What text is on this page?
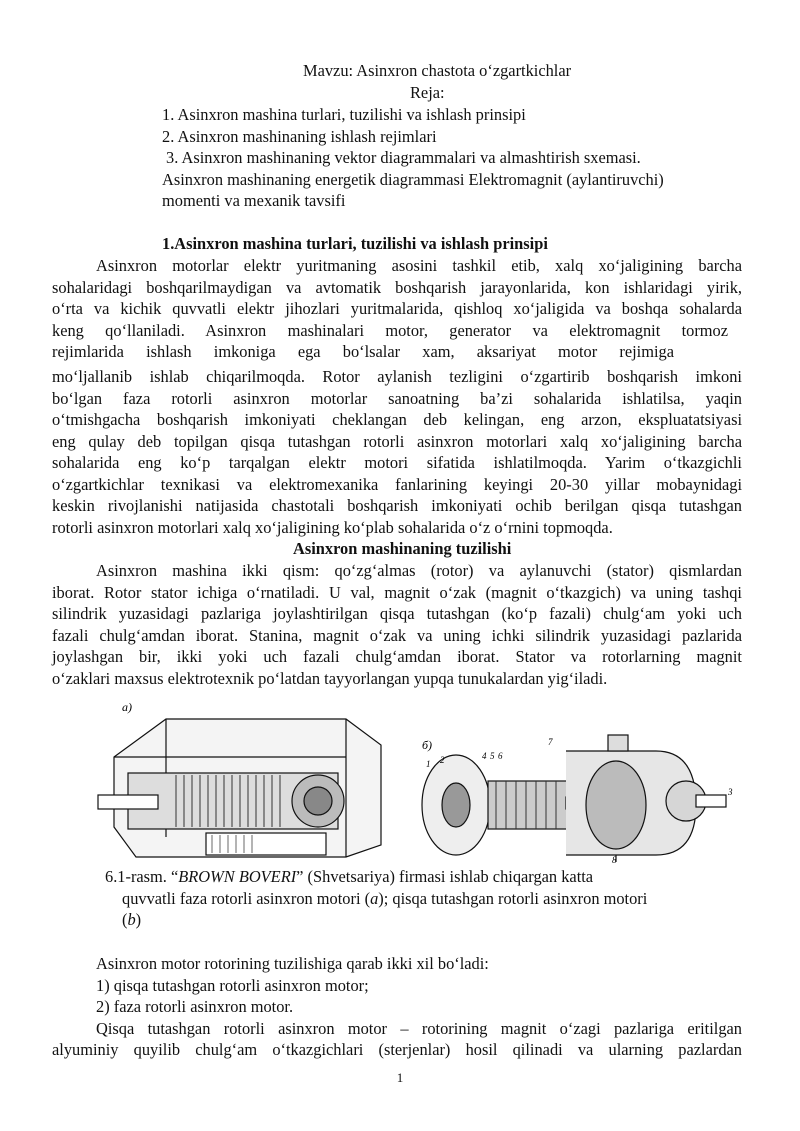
Mavzu: Asinxron chastota o‘zgartkichlar
Reja:
1. Asinxron mashina turlari, tuzilishi va ishlash prinsipi
2. Asinxron mashinaning ishlash rejimlari
3. Asinxron mashinaning vektor diagrammalari va almashtirish sxemasi.
Asinxron mashinaning energetik diagrammasi Elektromagnit (aylantiruvchi)
momenti va mexanik tavsifi
1.Asinxron mashina turlari, tuzilishi va ishlash prinsipi
Asinxron motorlar elektr yuritmaning asosini tashkil etib, xalq xo‘jaligining barcha
sohalaridagi boshqarilmaydigan va avtomatik boshqarish jarayonlarida, kon ishlaridagi yirik,
o‘rta va kichik quvvatli elektr jihozlari yuritmalarida, qishloq xo‘jaligida va boshqa sohalarda
keng qo‘llaniladi. Asinxron mashinalari motor, generator va elektromagnit tormoz
rejimlarida ishlash imkoniga ega bo‘lsalar xam, aksariyat motor rejimiga
mo‘ljallanib ishlab chiqarilmoqda. Rotor aylanish tezligini o‘zgartirib boshqarish imkoni
bo‘lgan faza rotorli asinxron motorlar sanoatning ba’zi sohalarida ishlatilsa, yaqin
o‘tmishgacha boshqarish imkoniyati cheklangan deb kelingan, eng arzon, ekspluatatsiyasi
eng qulay deb topilgan qisqa tutashgan rotorli asinxron motorlari xalq xo‘jaligining barcha
sohalarida eng ko‘p tarqalgan elektr motori sifatida ishlatilmoqda. Yarim o‘tkazgichli
o‘zgartkichlar texnikasi va elektromexanika fanlarining keyingi 20-30 yillar mobaynidagi
keskin rivojlanishi natijasida chastotali boshqarish imkoniyati ochib berilgan qisqa tutashgan
rotorli asinxron motorlari xalq xo‘jaligining ko‘plab sohalarida o‘z o‘rnini topmoqda.
Asinxron mashinaning tuzilishi
Asinxron mashina ikki qism: qo‘zg‘almas (rotor) va aylanuvchi (stator) qismlardan
iborat. Rotor stator ichiga o‘rnatiladi. U val, magnit o‘zak (magnit o‘tkazgich) va uning tashqi
silindrik yuzasidagi pazlariga joylashtirilgan qisqa tutashgan (ko‘p fazali) chulg‘am yoki uch
fazali chulg‘amdan iborat. Stanina, magnit o‘zak va uning ichki silindrik yuzasidagi pazlarida
joylashgan bir, ikki yoki uch fazali chulg‘amdan iborat. Stator va rotorlarning magnit
o‘zaklari maxsus elektrotexnik po‘latdan tayyorlangan yupqa tunukalardan yig‘iladi.
a)
б)
1 2
3
4 5 6
7
8
6.1-rasm. “BROWN BOVERI” (Shvetsariya) firmasi ishlab chiqargan katta
quvvatli faza rotorli asinxron motori (a); qisqa tutashgan rotorli asinxron motori
(b)
Asinxron motor rotorining tuzilishiga qarab ikki xil bo‘ladi:
1) qisqa tutashgan rotorli asinxron motor;
2) faza rotorli asinxron motor.
Qisqa tutashgan rotorli asinxron motor – rotorining magnit o‘zagi pazlariga eritilgan
alyuminiy quyilib chulg‘am o‘tkazgichlari (sterjenlar) hosil qilinadi va ularning pazlardan
1
